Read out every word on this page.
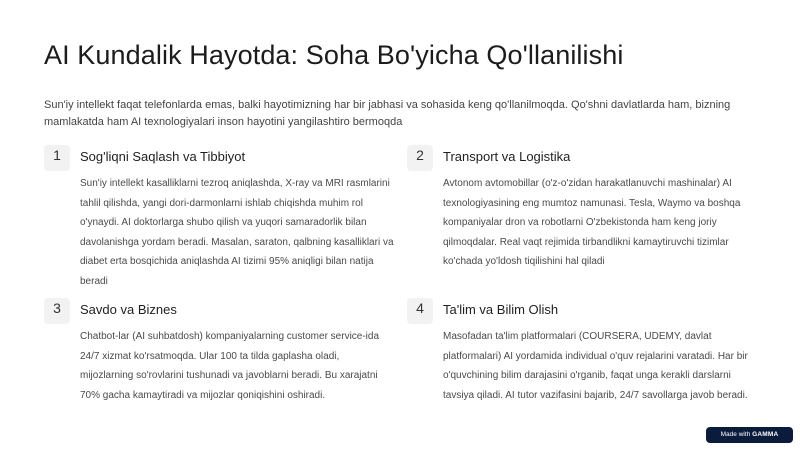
AI Kundalik Hayotda: Soha Bo'yicha Qo'llanilishi
Sun'iy intellekt faqat telefonlarda emas, balki hayotimizning har bir jabhasi va sohasida keng qo'llanilmoqda. Qo'shni davlatlarda ham, bizning mamlakatda ham AI texnologiyalari inson hayotini yangilashtiro bermoqda
1	Sog'liqni Saqlash va Tibbiyot
Sun'iy intellekt kasalliklarni tezroq aniqlashda, X-ray va MRI rasmlarini tahlil qilishda, yangi dori-darmonlarni ishlab chiqishda muhim rol o'ynaydi. AI doktorlarga shubo qilish va yuqori samaradorlik bilan davolanishga yordam beradi. Masalan, saraton, qalbning kasalliklari va diabet erta bosqichida aniqlashda AI tizimi 95% aniqligi bilan natija beradi
2	Transport va Logistika
Avtonom avtomobillar (o'z-o'zidan harakatlanuvchi mashinalar) AI texnologiyasining eng mumtoz namunasi. Tesla, Waymo va boshqa kompaniyalar dron va robotlarni O'zbekistonda ham keng joriy qilmoqdalar. Real vaqt rejimida tirbandlikni kamaytiruvchi tizimlar ko'chada yo'ldosh tiqilishini hal qiladi
3	Savdo va Biznes
Chatbot-lar (AI suhbatdosh) kompaniyalarning customer service-ida 24/7 xizmat ko'rsatmoqda. Ular 100 ta tilda gaplasha oladi, mijozlarning so'rovlarini tushunadi va javoblarni beradi. Bu xarajatni 70% gacha kamaytiradi va mijozlar qoniqishini oshiradi.
4	Ta'lim va Bilim Olish
Masofadan ta'lim platformalari (COURSERA, UDEMY, davlat platformalari) AI yordamida individual o'quv rejalarini varatadi. Har bir o'quvchining bilim darajasini o'rganib, faqat unga kerakli darslarni tavsiya qiladi. AI tutor vazifasini bajarib, 24/7 savollarga javob beradi.
Made with GAMMA
